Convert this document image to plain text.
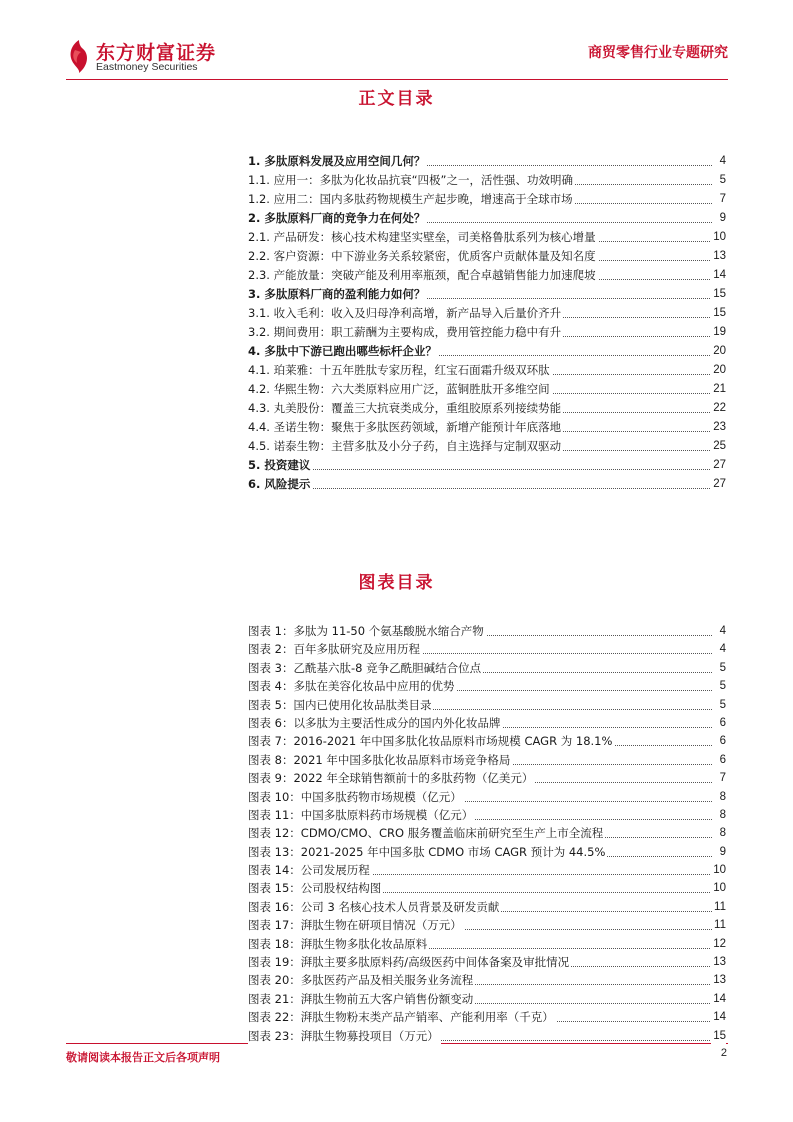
东方财富证券
Eastmoney Securities
商贸零售行业专题研究
正文目录
1. 多肽原料发展及应用空间几何？	4
1.1. 应用一：多肽为化妆品抗衰“四极”之一，活性强、功效明确	5
1.2. 应用二：国内多肽药物规模生产起步晚，增速高于全球市场	7
2. 多肽原料厂商的竞争力在何处？	9
2.1. 产品研发：核心技术构建坚实壁垒，司美格鲁肽系列为核心增量	10
2.2. 客户资源：中下游业务关系较紧密，优质客户贡献体量及知名度	13
2.3. 产能放量：突破产能及利用率瓶颈，配合卓越销售能力加速爬坡	14
3. 多肽原料厂商的盈利能力如何？	15
3.1. 收入毛利：收入及归母净利高增，新产品导入后量价齐升	15
3.2. 期间费用：职工薪酬为主要构成，费用管控能力稳中有升	19
4. 多肽中下游已跑出哪些标杆企业？	20
4.1. 珀莱雅：十五年胜肽专家历程，红宝石面霜升级双环肽	20
4.2. 华熙生物：六大类原料应用广泛，蓝铜胜肽开多维空间	21
4.3. 丸美股份：覆盖三大抗衰类成分，重组胶原系列接续势能	22
4.4. 圣诺生物：聚焦于多肽医药领域，新增产能预计年底落地	23
4.5. 诺泰生物：主营多肽及小分子药，自主选择与定制双驱动	25
5. 投资建议	27
6. 风险提示	27
图表目录
图表 1：多肽为 11-50 个氨基酸脱水缩合产物	4
图表 2：百年多肽研究及应用历程	4
图表 3：乙酰基六肽-8 竞争乙酰胆碱结合位点	5
图表 4：多肽在美容化妆品中应用的优势	5
图表 5：国内已使用化妆品肽类目录	5
图表 6：以多肽为主要活性成分的国内外化妆品牌	6
图表 7：2016-2021 年中国多肽化妆品原料市场规模 CAGR 为 18.1%	6
图表 8：2021 年中国多肽化妆品原料市场竞争格局	6
图表 9：2022 年全球销售额前十的多肽药物（亿美元）	7
图表 10：中国多肽药物市场规模（亿元）	8
图表 11：中国多肽原料药市场规模（亿元）	8
图表 12：CDMO/CMO、CRO 服务覆盖临床前研究至生产上市全流程	8
图表 13：2021-2025 年中国多肽 CDMO 市场 CAGR 预计为 44.5%	9
图表 14：公司发展历程	10
图表 15：公司股权结构图	10
图表 16：公司 3 名核心技术人员背景及研发贡献	11
图表 17：湃肽生物在研项目情况（万元）	11
图表 18：湃肽生物多肽化妆品原料	12
图表 19：湃肽主要多肽原料药/高级医药中间体备案及审批情况	13
图表 20：多肽医药产品及相关服务业务流程	13
图表 21：湃肽生物前五大客户销售份额变动	14
图表 22：湃肽生物粉末类产品产销率、产能利用率（千克）	14
图表 23：湃肽生物募投项目（万元）	15
敬请阅读本报告正文后各项声明	2
